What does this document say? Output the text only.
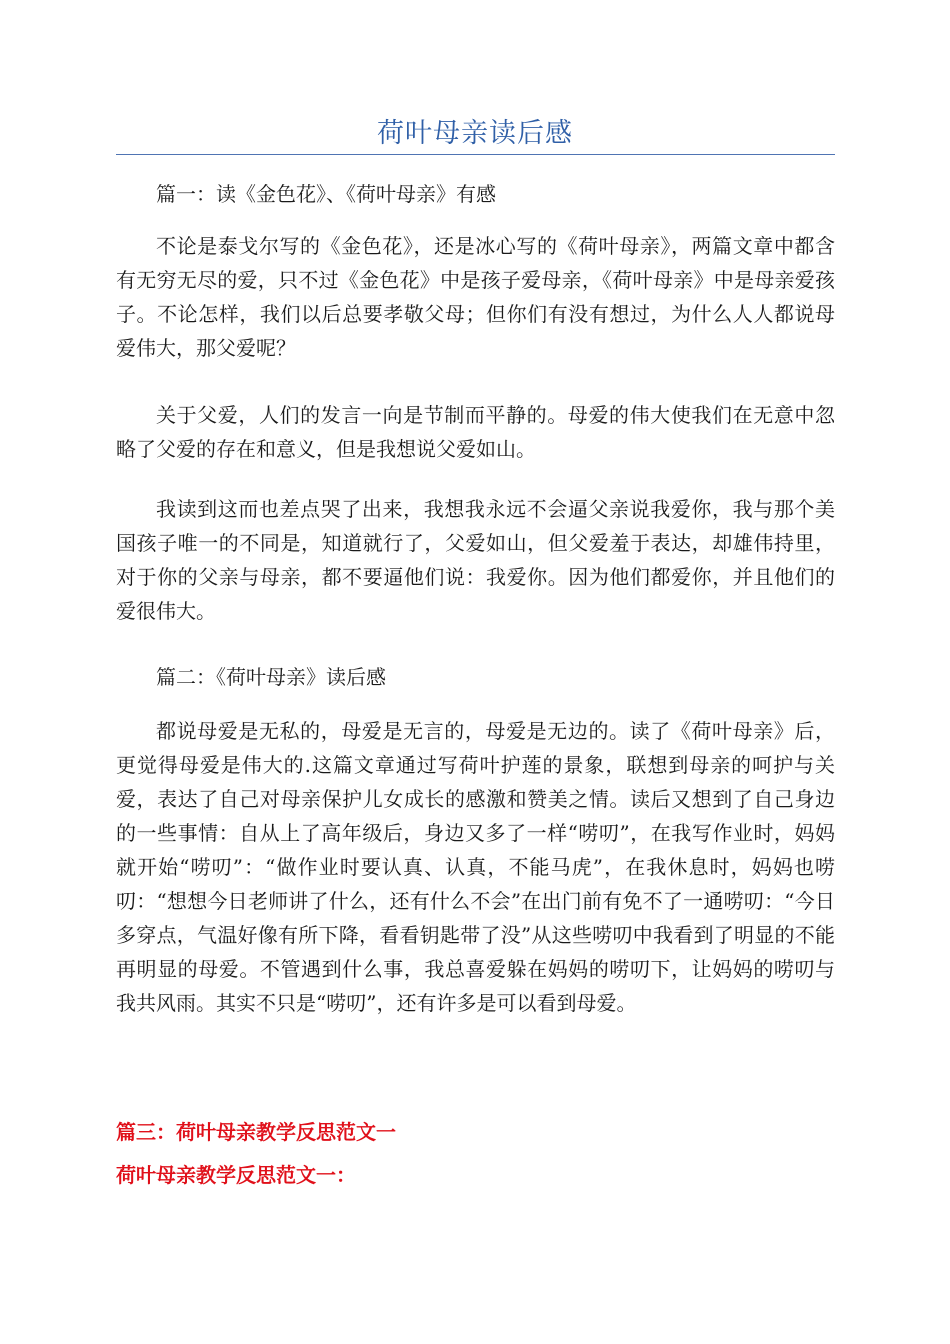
荷叶母亲读后感

篇一：读《金色花》、《荷叶母亲》有感

不论是泰戈尔写的《金色花》，还是冰心写的《荷叶母亲》，两篇文章中都含有无穷无尽的爱，只不过《金色花》中是孩子爱母亲，《荷叶母亲》中是母亲爱孩子。不论怎样，我们以后总要孝敬父母；但你们有没有想过，为什么人人都说母爱伟大，那父爱呢？

关于父爱，人们的发言一向是节制而平静的。母爱的伟大使我们在无意中忽略了父爱的存在和意义，但是我想说父爱如山。

我读到这而也差点哭了出来，我想我永远不会逼父亲说我爱你，我与那个美国孩子唯一的不同是，知道就行了，父爱如山，但父爱羞于表达，却雄伟持里，对于你的父亲与母亲，都不要逼他们说：我爱你。因为他们都爱你，并且他们的爱很伟大。

篇二：《荷叶母亲》读后感

都说母爱是无私的，母爱是无言的，母爱是无边的。读了《荷叶母亲》后，更觉得母爱是伟大的.这篇文章通过写荷叶护莲的景象，联想到母亲的呵护与关爱，表达了自己对母亲保护儿女成长的感激和赞美之情。读后又想到了自己身边的一些事情：自从上了高年级后，身边又多了一样“唠叨”，在我写作业时，妈妈就开始“唠叨”：“做作业时要认真、认真，不能马虎”，在我休息时，妈妈也唠叨：“想想今日老师讲了什么，还有什么不会”在出门前有免不了一通唠叨：“今日多穿点，气温好像有所下降，看看钥匙带了没”从这些唠叨中我看到了明显的不能再明显的母爱。不管遇到什么事，我总喜爱躲在妈妈的唠叨下，让妈妈的唠叨与我共风雨。其实不只是“唠叨”，还有许多是可以看到母爱。

篇三：荷叶母亲教学反思范文一

荷叶母亲教学反思范文一：
